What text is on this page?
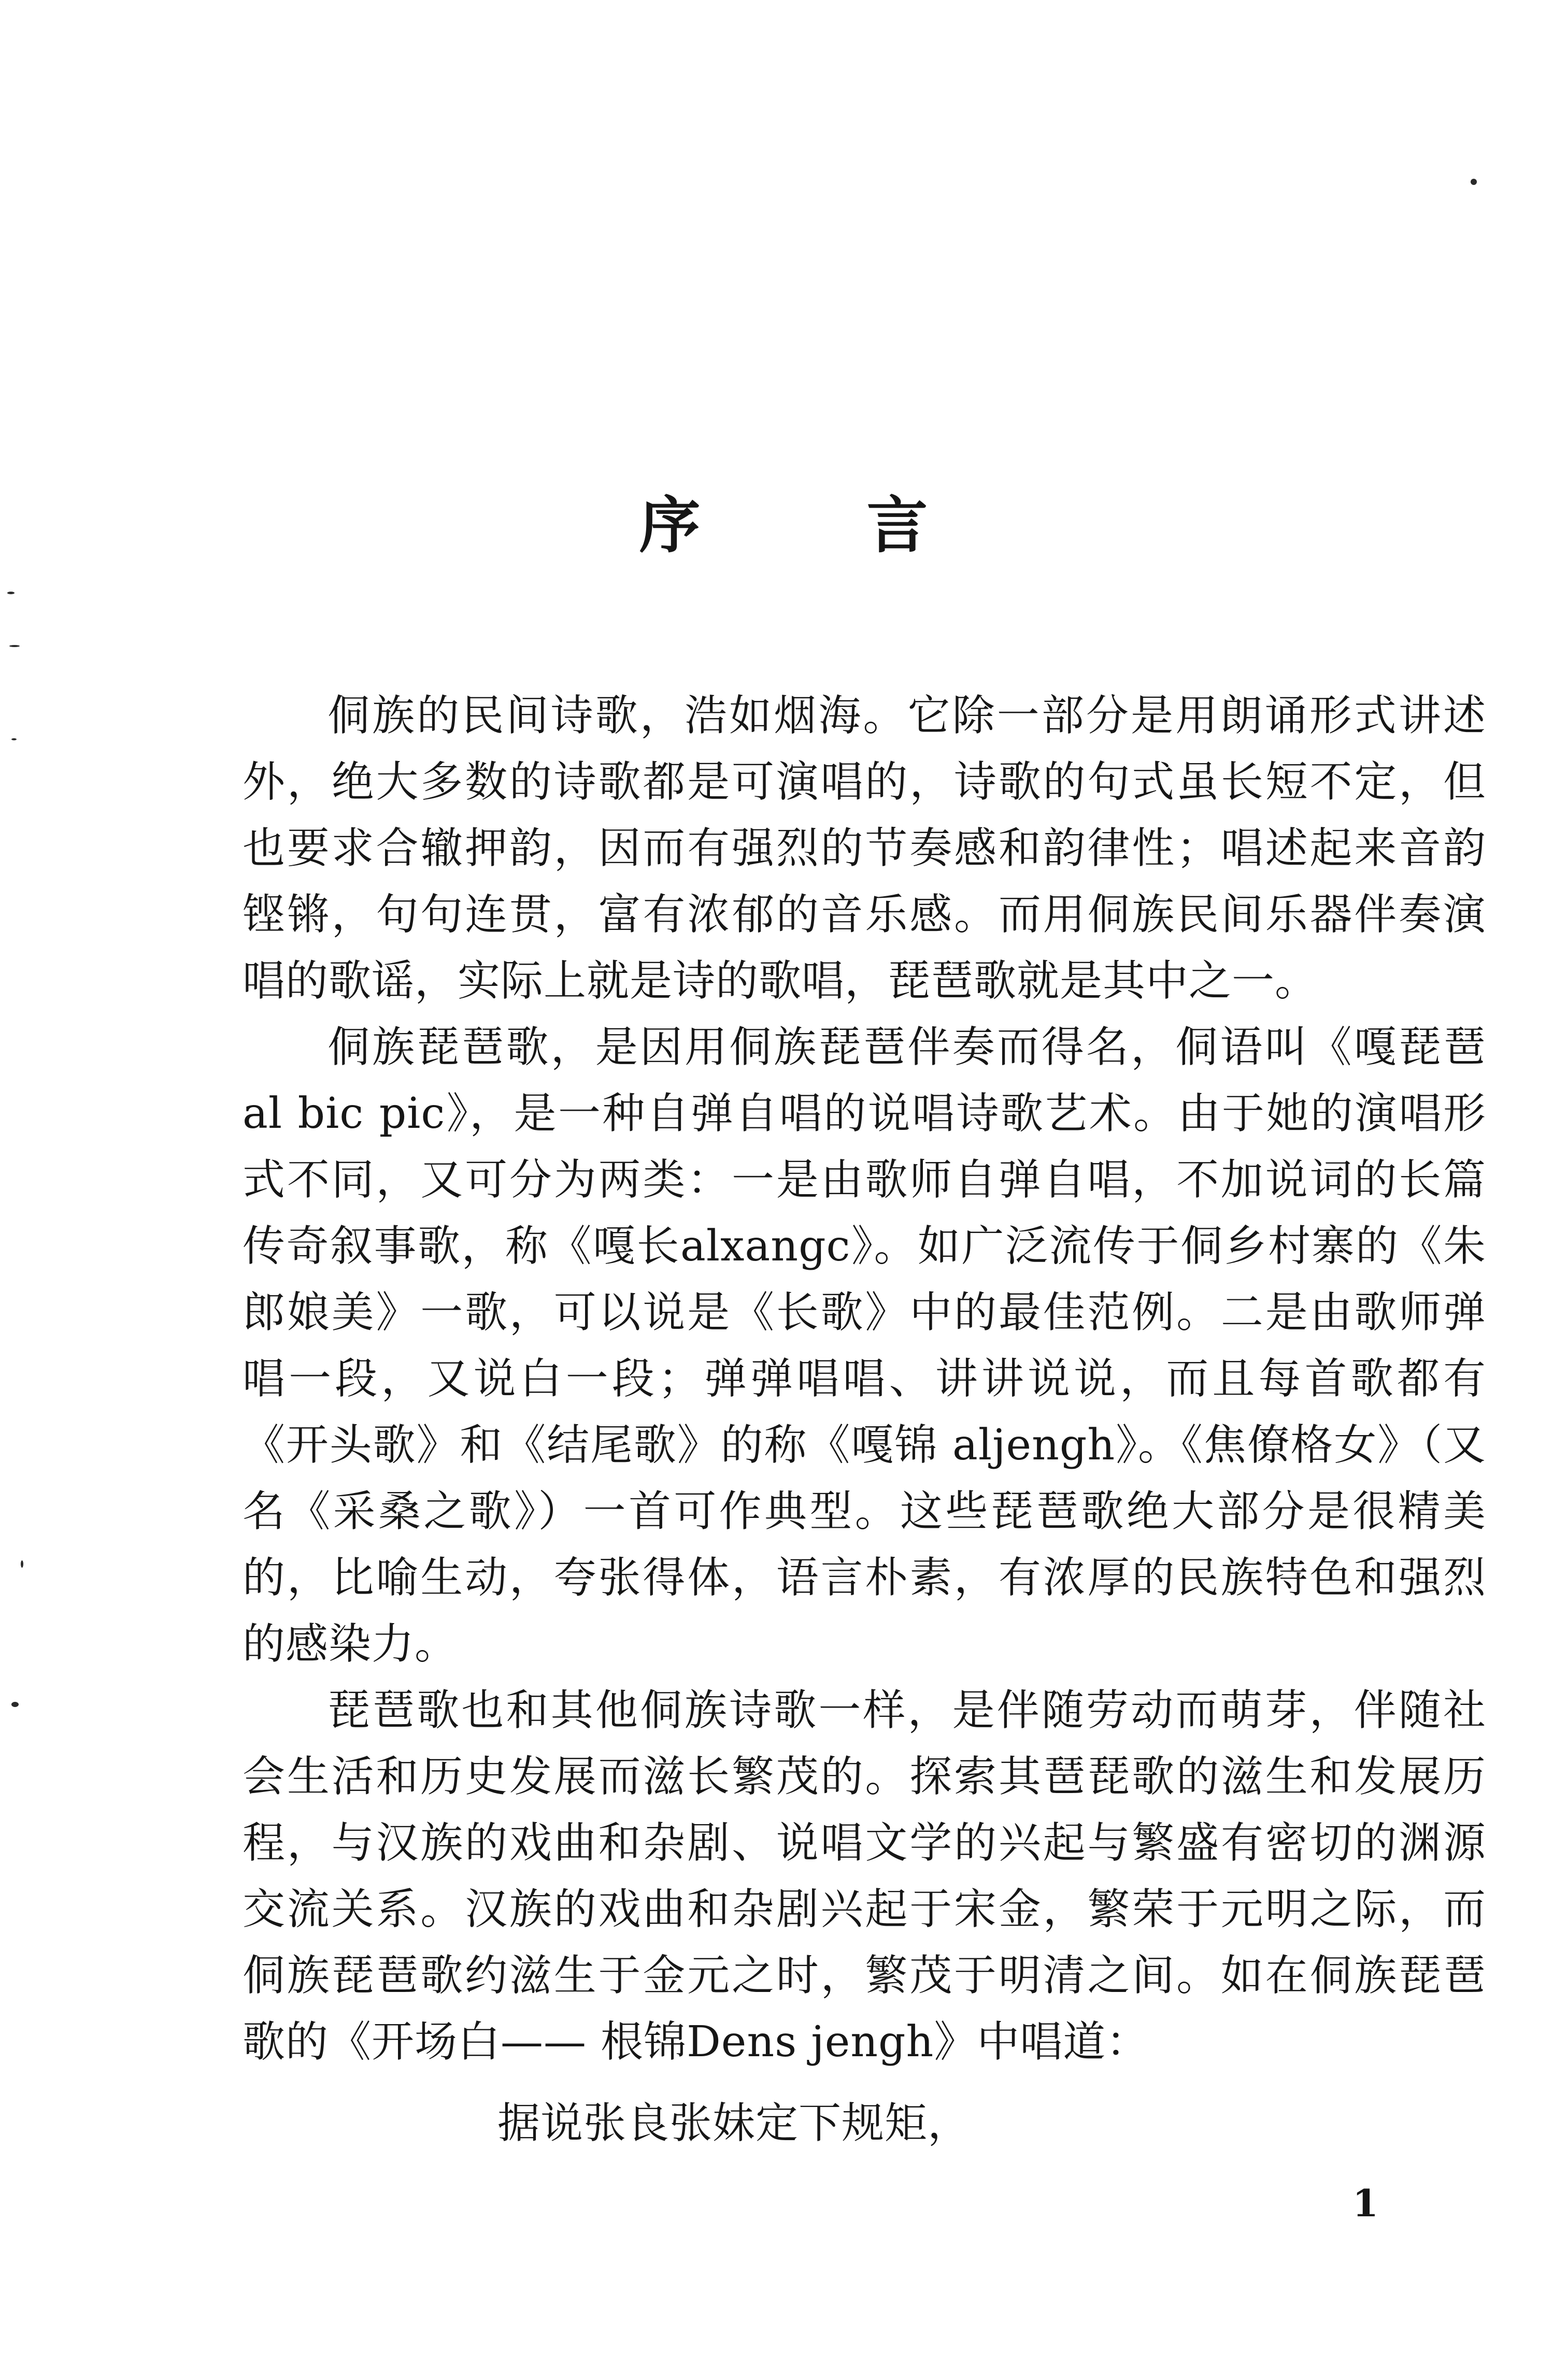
序 言

侗族的民间诗歌，浩如烟海。它除一部分是用朗诵形式讲述外，绝大多数的诗歌都是可演唱的，诗歌的句式虽长短不定，但也要求合辙押韵，因而有强烈的节奏感和韵律性；唱述起来音韵铿锵，句句连贯，富有浓郁的音乐感。而用侗族民间乐器伴奏演唱的歌谣，实际上就是诗的歌唱，琵琶歌就是其中之一。

侗族琵琶歌，是因用侗族琵琶伴奏而得名，侗语叫《嘎琵琶 al bic pic》，是一种自弹自唱的说唱诗歌艺术。由于她的演唱形式不同，又可分为两类：一是由歌师自弹自唱，不加说词的长篇传奇叙事歌，称《嘎长alxangc》。如广泛流传于侗乡村寨的《朱郎娘美》一歌，可以说是《长歌》中的最佳范例。二是由歌师弹唱一段，又说白一段；弹弹唱唱、讲讲说说，而且每首歌都有《开头歌》和《结尾歌》的称《嘎锦 aljengh》。《焦僚格女》（又名《采桑之歌》）一首可作典型。这些琵琶歌绝大部分是很精美的，比喻生动，夸张得体，语言朴素，有浓厚的民族特色和强烈的感染力。

琵琶歌也和其他侗族诗歌一样，是伴随劳动而萌芽，伴随社会生活和历史发展而滋长繁茂的。探索其琶琵歌的滋生和发展历程，与汉族的戏曲和杂剧、说唱文学的兴起与繁盛有密切的渊源交流关系。汉族的戏曲和杂剧兴起于宋金，繁荣于元明之际，而侗族琵琶歌约滋生于金元之时，繁茂于明清之间。如在侗族琵琶歌的《开场白—— 根锦Dens jengh》中唱道：

据说张良张妹定下规矩，

1
